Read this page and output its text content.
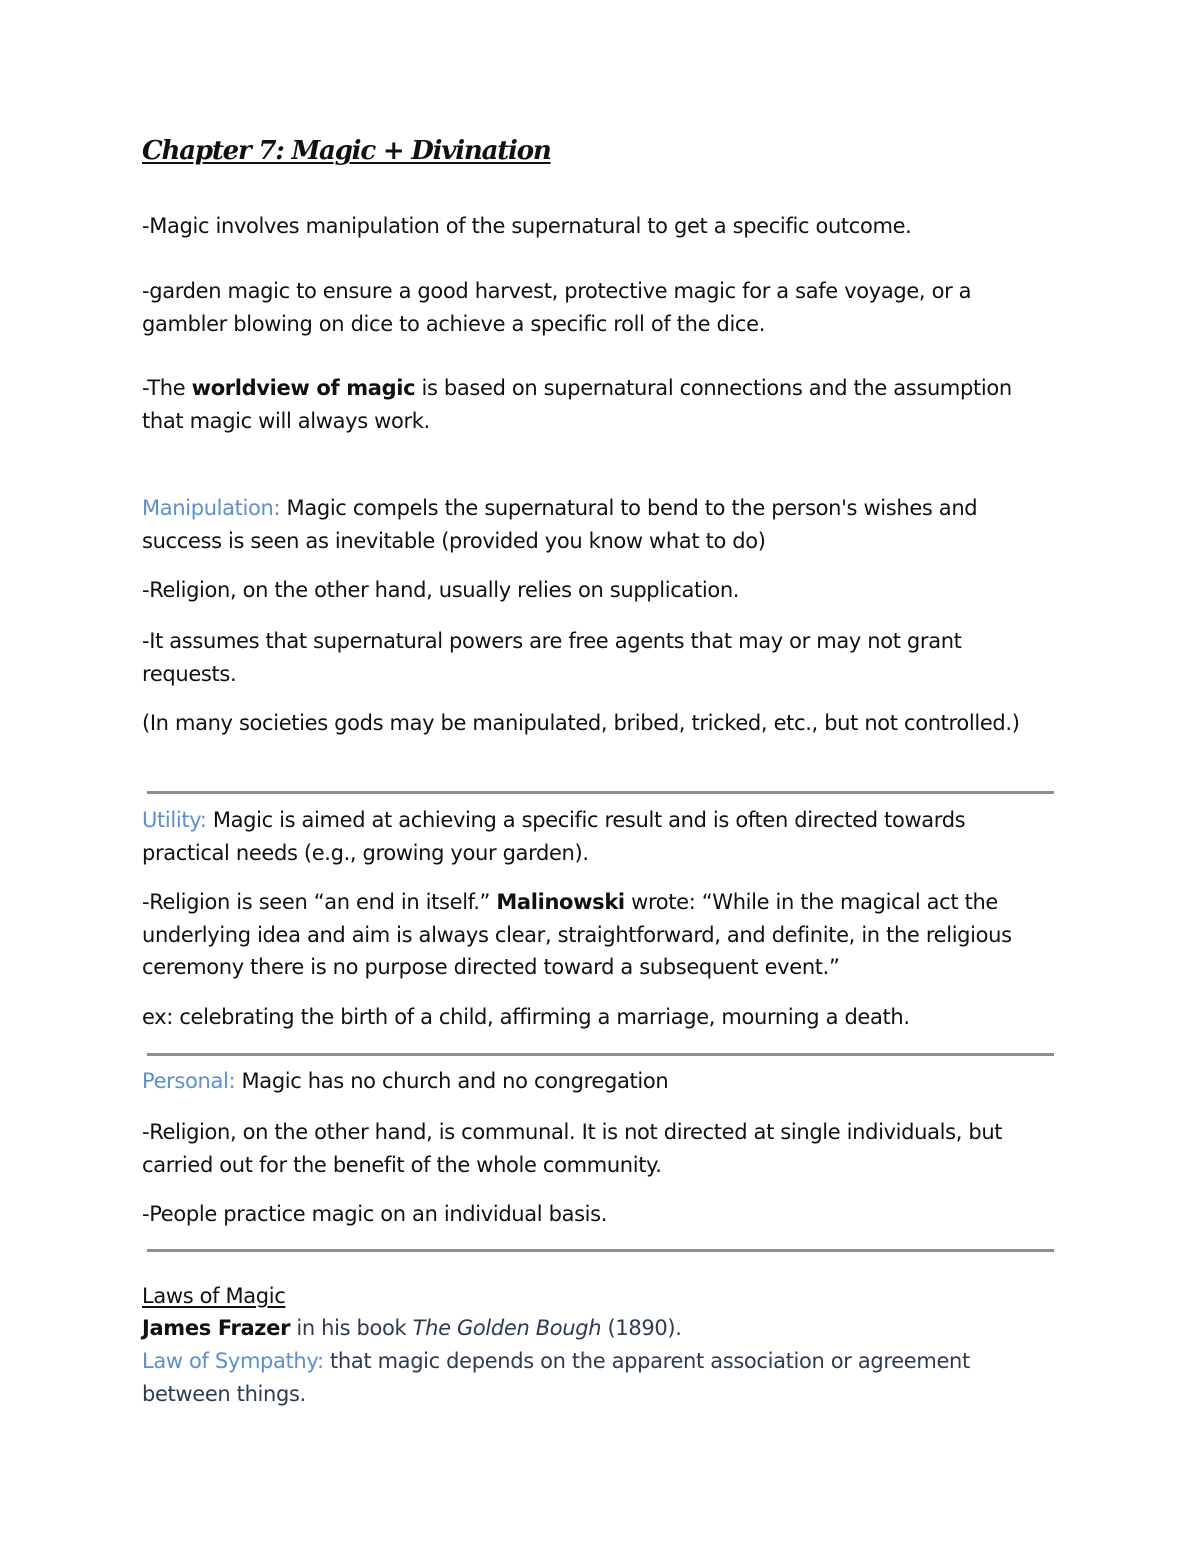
Chapter 7: Magic + Divination

-Magic involves manipulation of the supernatural to get a specific outcome.

-garden magic to ensure a good harvest, protective magic for a safe voyage, or a gambler blowing on dice to achieve a specific roll of the dice.

-The worldview of magic is based on supernatural connections and the assumption that magic will always work.

Manipulation: Magic compels the supernatural to bend to the person's wishes and success is seen as inevitable (provided you know what to do)

-Religion, on the other hand, usually relies on supplication.

-It assumes that supernatural powers are free agents that may or may not grant requests.

(In many societies gods may be manipulated, bribed, tricked, etc., but not controlled.)

Utility: Magic is aimed at achieving a specific result and is often directed towards practical needs (e.g., growing your garden).

-Religion is seen “an end in itself.” Malinowski wrote: “While in the magical act the underlying idea and aim is always clear, straightforward, and definite, in the religious ceremony there is no purpose directed toward a subsequent event.”

ex: celebrating the birth of a child, affirming a marriage, mourning a death.

Personal: Magic has no church and no congregation

-Religion, on the other hand, is communal. It is not directed at single individuals, but carried out for the benefit of the whole community.

-People practice magic on an individual basis.

Laws of Magic

James Frazer in his book The Golden Bough (1890).

Law of Sympathy: that magic depends on the apparent association or agreement between things.
